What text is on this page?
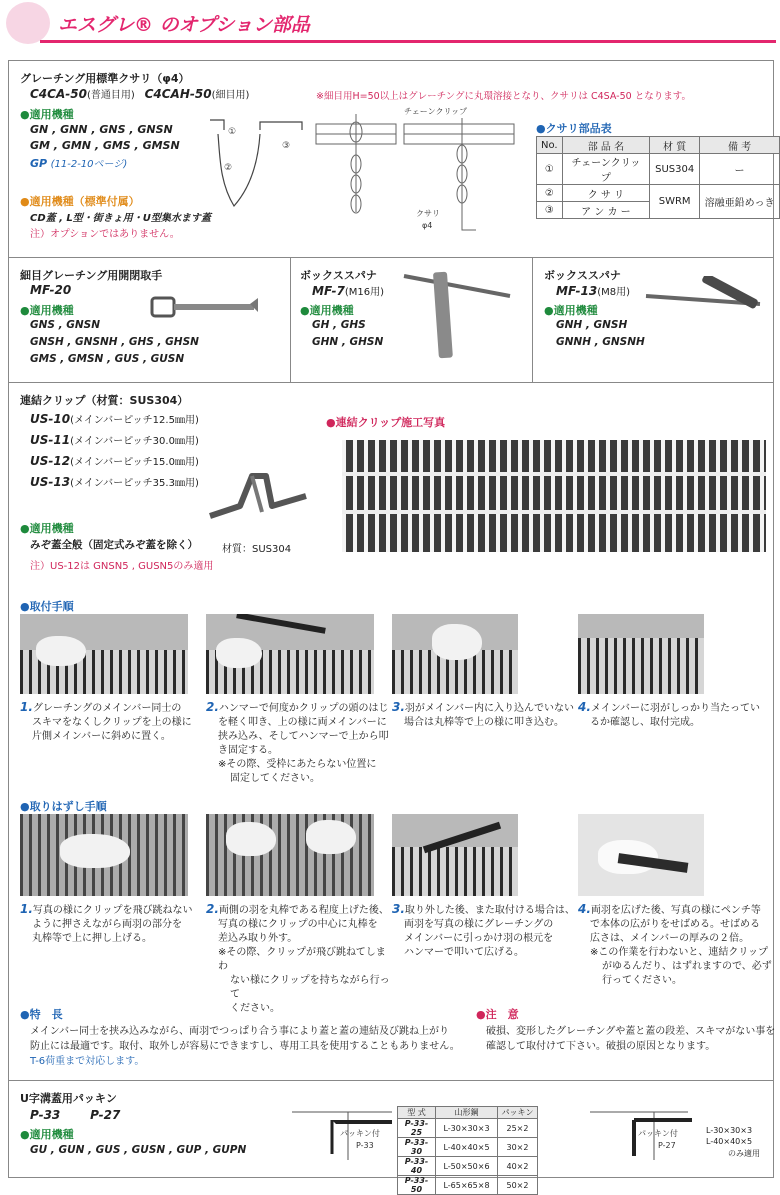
エスグレ® のオプション部品
グレーチング用標準クサリ（φ4）
C4CA-50(普通目用) C4CAH-50(細目用)	※細目用H=50以上はグレーチングに丸環溶接となり、クサリは C4SA-50 となります。
●適用機種
GN , GNN , GNS , GNSN
GM , GMN , GMS , GMSN
GP (11-2-10ページ)
●適用機種（標準付属）
CD蓋 , L型・街きょ用・U型集水ます蓋
注）オプションではありません。
①
②
③
チェーンクリップ
クサリ
φ4
●クサリ部品表
No.	部 品 名	材 質	備 考
①	チェーンクリップ	SUS304	ー
②	ク サ リ	SWRM	溶融亜鉛めっき
③	ア ン カ ー		
細目グレーチング用開閉取手
MF-20
●適用機種
GNS , GNSN
GNSH , GNSNH , GHS , GHSN
GMS , GMSN , GUS , GUSN
ボックススパナ
MF-7(M16用)
●適用機種
GH , GHS
GHN , GHSN
ボックススパナ
MF-13(M8用)
●適用機種
GNH , GNSH
GNNH , GNSNH
連結クリップ（材質：SUS304）
US-10(メインバーピッチ12.5㎜用)
US-11(メインバーピッチ30.0㎜用)
US-12(メインバーピッチ15.0㎜用)
US-13(メインバーピッチ35.3㎜用)
●適用機種
みぞ蓋全般（固定式みぞ蓋を除く）
注）US-12は GNSN5 , GUSN5のみ適用
材質：SUS304
●連結クリップ施工写真
●取付手順
1.グレーチングのメインバー同士の
スキマをなくしクリップを上の様に
片側メインバーに斜めに置く。
2.ハンマーで何度かクリップの頭のはじ
を軽く叩き、上の様に両メインバーに
挟み込み、そしてハンマーで上から叩
き固定する。
※その際、受枠にあたらない位置に
固定してください。
3.羽がメインバー内に入り込んでいない
場合は丸棒等で上の様に叩き込む。
4.メインバーに羽がしっかり当たってい
るか確認し、取付完成。
●取りはずし手順
1.写真の様にクリップを飛び跳ねない
ように押さえながら両羽の部分を
丸棒等で上に押し上げる。
2.両側の羽を丸棒である程度上げた後、
写真の様にクリップの中心に丸棒を
差込み取り外す。
※その際、クリップが飛び跳ねてしまわ
ない様にクリップを持ちながら行って
ください。
3.取り外した後、また取付ける場合は、
両羽を写真の様にグレーチングの
メインバーに引っかけ羽の根元を
ハンマーで叩いて広げる。
4.両羽を広げた後、写真の様にペンチ等
で本体の広がりをせばめる。せばめる
広さは、メインバーの厚みの２倍。
※この作業を行わないと、連結クリップ
がゆるんだり、はずれますので、必ず
行ってください。
●特　長
メインバー同士を挟み込みながら、両羽でつっぱり合う事により蓋と蓋の連結及び跳ね上がり
防止には最適です。取付、取外しが容易にできますし、専用工具を使用することもありません。
T-6荷重まで対応します。
●注　意
破損、変形したグレーチングや蓋と蓋の段差、スキマがない事を
確認して取付けて下さい。破損の原因となります。
U字溝蓋用パッキン
P-33 P-27
●適用機種
GU , GUN , GUS , GUSN , GUP , GUPN
パッキン付
P-33
型 式	山形鋼	パッキン
P-33-25	L-30×30×3	25×2
P-33-30	L-40×40×5	30×2
P-33-40	L-50×50×6	40×2
P-33-50	L-65×65×8	50×2
パッキン付
P-27
L-30×30×3
L-40×40×5
のみ適用
